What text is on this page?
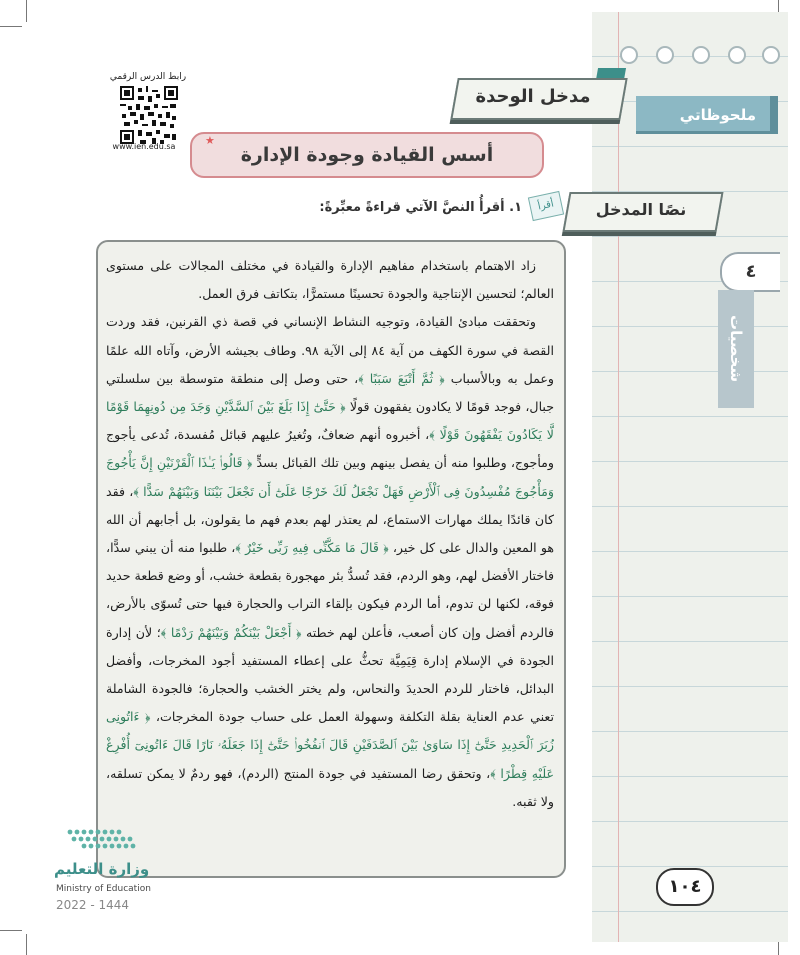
ملحوظاتي
٤
شخصيات
رابط الدرس الرقمي
www.ien.edu.sa
مدخل الوحدة
★
أسس القيادة وجودة الإدارة
نصًا المدخل
أقرأ
١. أقرأُ النصَّ الآتي قراءةً معبِّرةً:

زاد الاهتمام باستخدام مفاهيم الإدارة والقيادة في مختلف المجالات على مستوى العالم؛ لتحسين الإنتاجية والجودة تحسينًا مستمرًّا، بتكاتف فرق العمل.

وتحققت مبادئ القيادة، وتوجيه النشاط الإنساني في قصة ذي القرنين، فقد وردت القصة في سورة الكهف من آية ٨٤ إلى الآية ٩٨. وطاف بجيشه الأرض، وآتاه الله علمًا وعمل به وبالأسباب ﴿ ثُمَّ أَتْبَعَ سَبَبًا ﴾، حتى وصل إلى منطقة متوسطة بين سلسلتي جبال، فوجد قومًا لا يكادون يفقهون قولًا ﴿ حَتَّىٰٓ إِذَا بَلَغَ بَيْنَ ٱلسَّدَّيْنِ وَجَدَ مِن دُونِهِمَا قَوْمًا لَّا يَكَادُونَ يَفْقَهُونَ قَوْلًا ﴾، أخبروه أنهم ضعافٌ، وتُغيرُ عليهم قبائل مُفسدة، تُدعى يأجوج ومأجوج، وطلبوا منه أن يفصل بينهم وبين تلك القبائل بسدٍّ ﴿ قَالُوا۟ يَـٰذَا ٱلْقَرْنَيْنِ إِنَّ يَأْجُوجَ وَمَأْجُوجَ مُفْسِدُونَ فِى ٱلْأَرْضِ فَهَلْ نَجْعَلُ لَكَ خَرْجًا عَلَىٰٓ أَن تَجْعَلَ بَيْنَنَا وَبَيْنَهُمْ سَدًّا ﴾، فقد كان قائدًا يملك مهارات الاستماع، لم يعتذر لهم بعدم فهم ما يقولون، بل أجابهم أن الله هو المعين والدال على كل خير، ﴿ قَالَ مَا مَكَّنِّى فِيهِ رَبِّى خَيْرٌ ﴾، طلبوا منه أن يبني سدًّا، فاختار الأفضل لهم، وهو الردم، فقد تُسدُّ بئر مهجورة بقطعة خشب، أو وضع قطعة حديد فوقه، لكنها لن تدوم، أما الردم فيكون بإلقاء التراب والحجارة فيها حتى تُسوّى بالأرض، فالردم أفضل وإن كان أصعب، فأعلن لهم خطته ﴿ أَجْعَلْ بَيْنَكُمْ وَبَيْنَهُمْ رَدْمًا ﴾؛ لأن إدارة الجودة في الإسلام إدارة قِيَمِيَّة تحثُّ على إعطاء المستفيد أجود المخرجات، وأفضل البدائل، فاختار للردم الحديدَ والنحاس، ولم يختر الخشب والحجارة؛ فالجودة الشاملة تعني عدم العناية بقلة التكلفة وسهولة العمل على حساب جودة المخرجات، ﴿ ءَاتُونِى زُبَرَ ٱلْحَدِيدِ حَتَّىٰٓ إِذَا سَاوَىٰ بَيْنَ ٱلصَّدَفَيْنِ قَالَ ٱنفُخُوا۟ حَتَّىٰٓ إِذَا جَعَلَهُۥ نَارًا قَالَ ءَاتُونِىٓ أُفْرِغْ عَلَيْهِ قِطْرًا ﴾، وتحقق رضا المستفيد في جودة المنتج (الردم)، فهو ردمٌ لا يمكن تسلقه، ولا ثقبه.

وزارة التعليم
Ministry of Education
2022 - 1444
١٠٤
